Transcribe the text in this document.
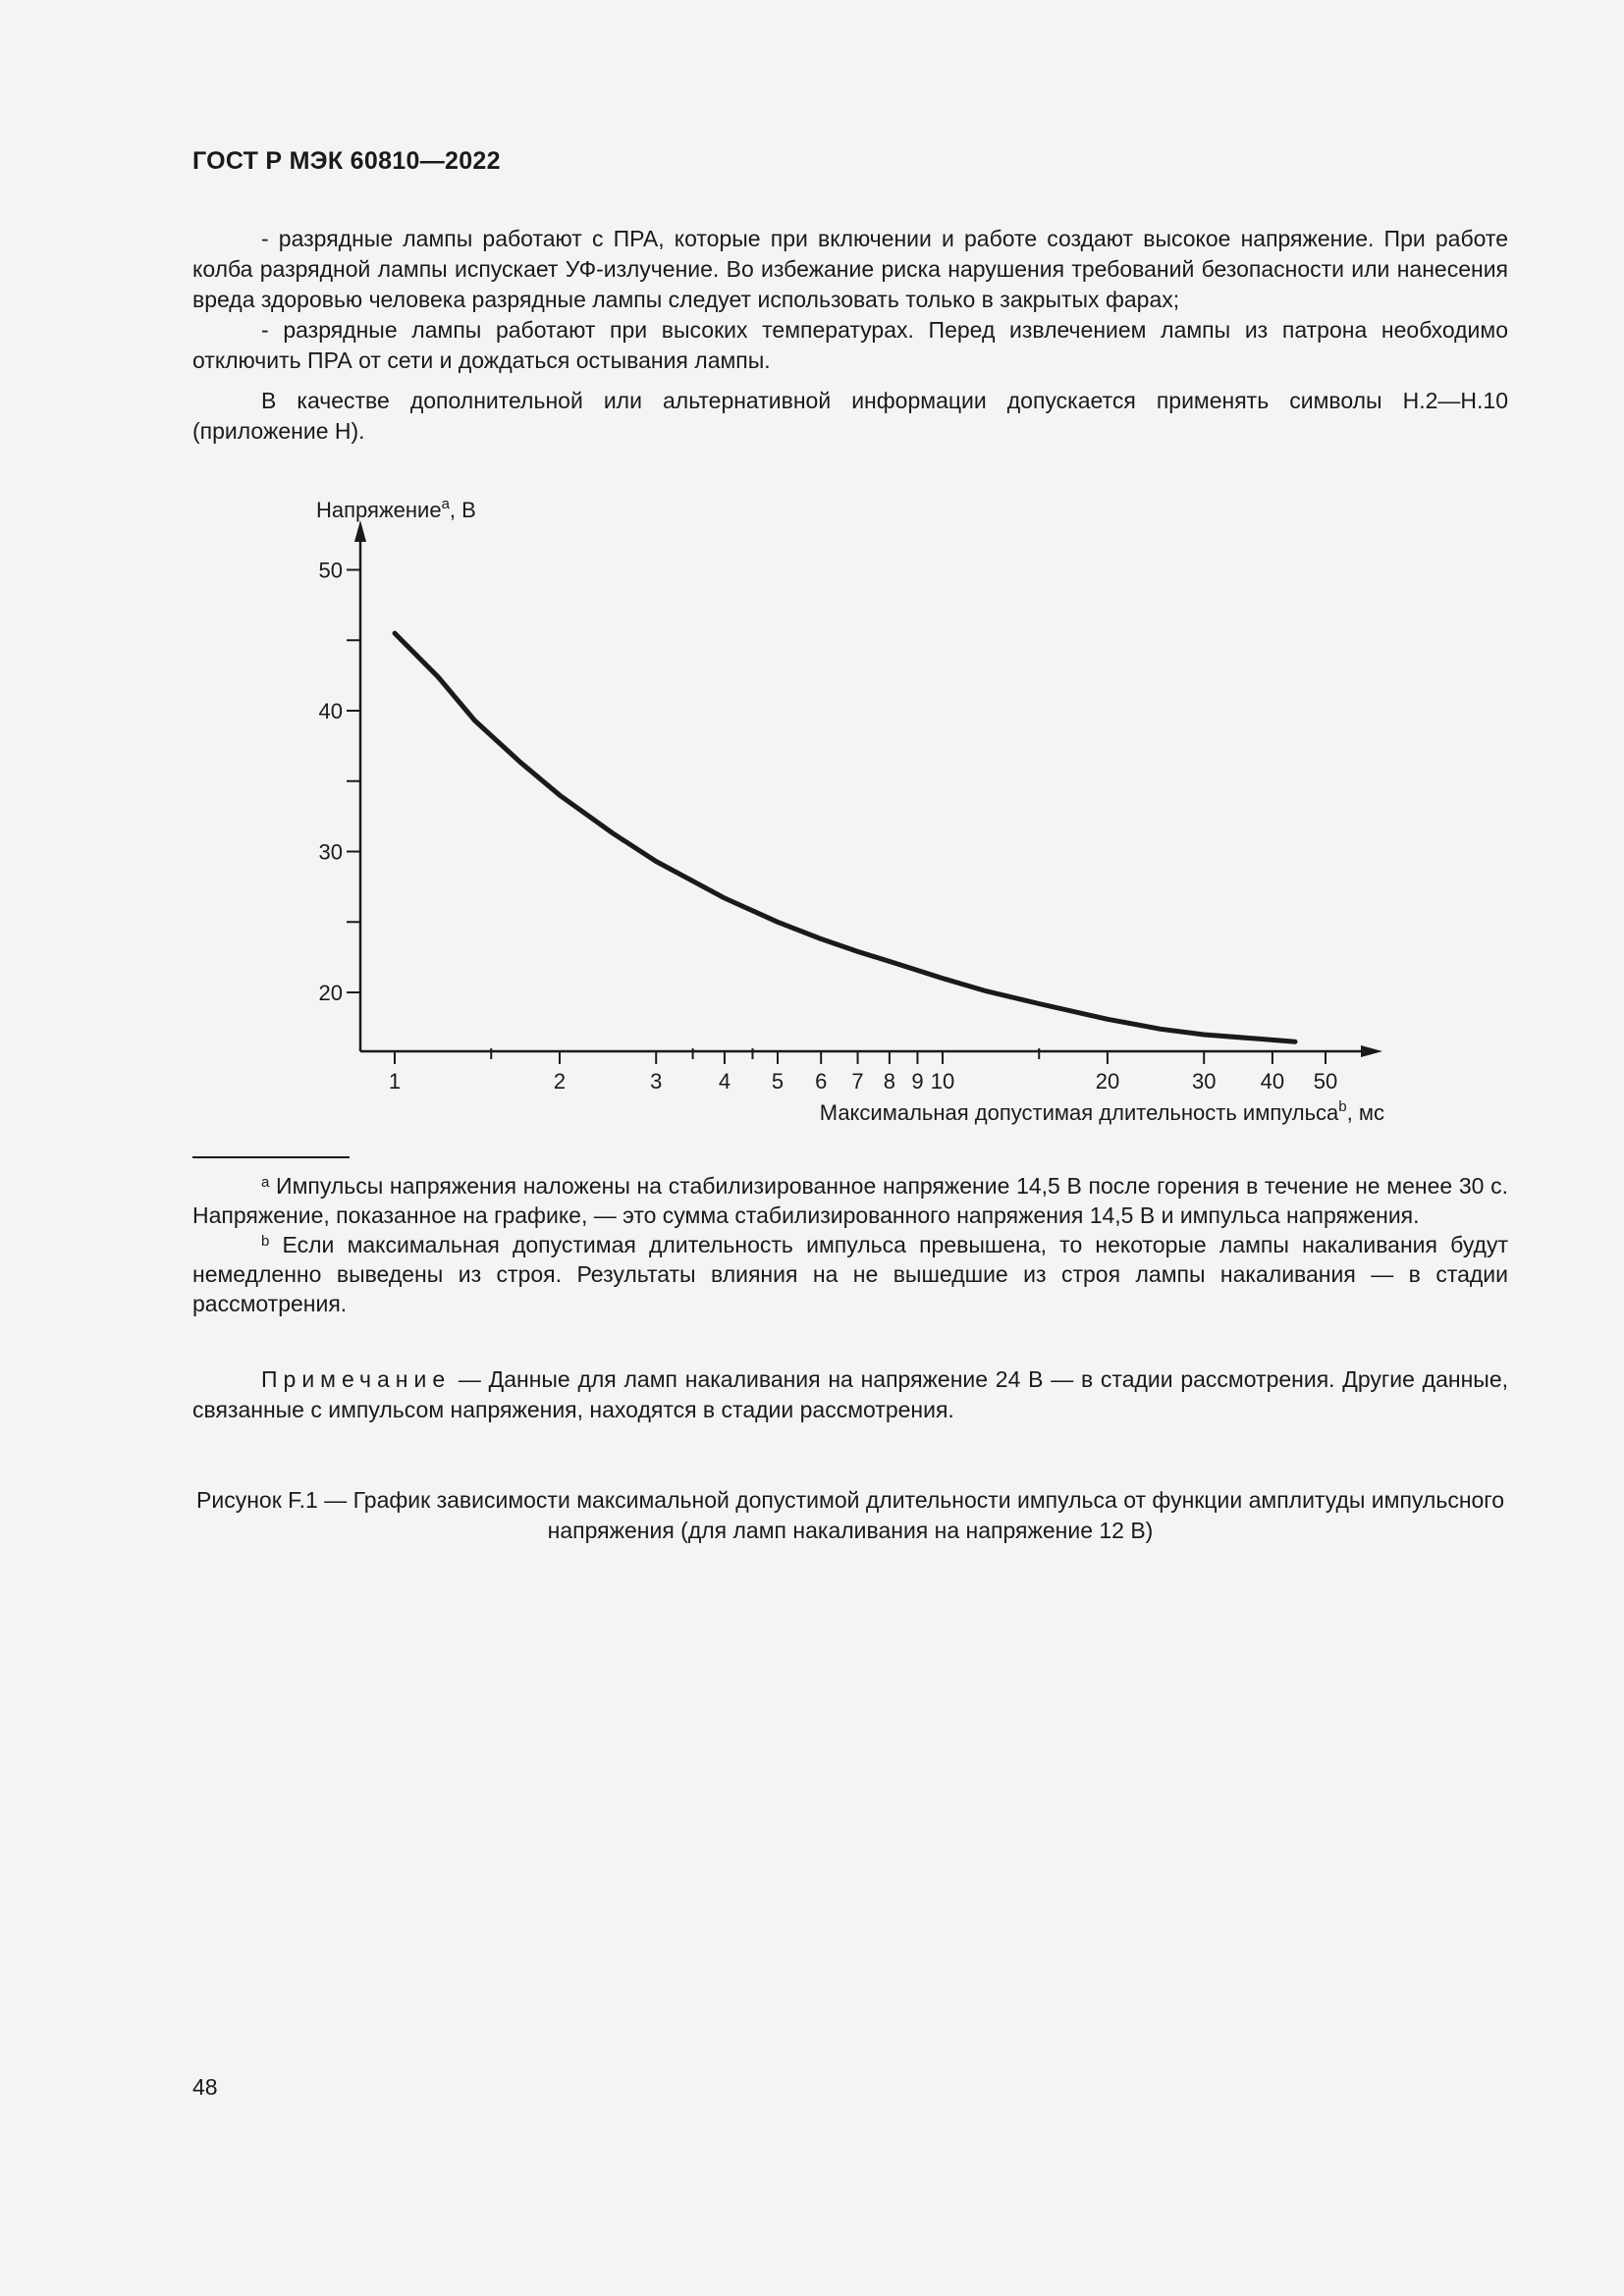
ГОСТ Р МЭК 60810—2022

- разрядные лампы работают с ПРА, которые при включении и работе создают высокое напряжение. При работе колба разрядной лампы испускает УФ-излучение. Во избежание риска нарушения требований безопасности или нанесения вреда здоровью человека разрядные лампы следует использовать только в закрытых фарах;

- разрядные лампы работают при высоких температурах. Перед извлечением лампы из патрона необходимо отключить ПРА от сети и дождаться остывания лампы.

В качестве дополнительной или альтернативной информации допускается применять символы H.2—H.10 (приложение H).

20
30
40
50
1	2	3	4 5 6 7 8 9 10	20	30 40 50
Напряжение$^a$, В
Максимальная допустимая длительность импульса$^b$, мс

$^a$ Импульсы напряжения наложены на стабилизированное напряжение 14,5 В после горения в течение не менее 30 с. Напряжение, показанное на графике, — это сумма стабилизированного напряжения 14,5 В и импульса напряжения.

$^b$ Если максимальная допустимая длительность импульса превышена, то некоторые лампы накаливания будут немедленно выведены из строя. Результаты влияния на не вышедшие из строя лампы накаливания — в стадии рассмотрения.

Примечание — Данные для ламп накаливания на напряжение 24 В — в стадии рассмотрения. Другие данные, связанные с импульсом напряжения, находятся в стадии рассмотрения.

Рисунок F.1 — График зависимости максимальной допустимой длительности импульса от функции амплитуды импульсного напряжения (для ламп накаливания на напряжение 12 В)
48
